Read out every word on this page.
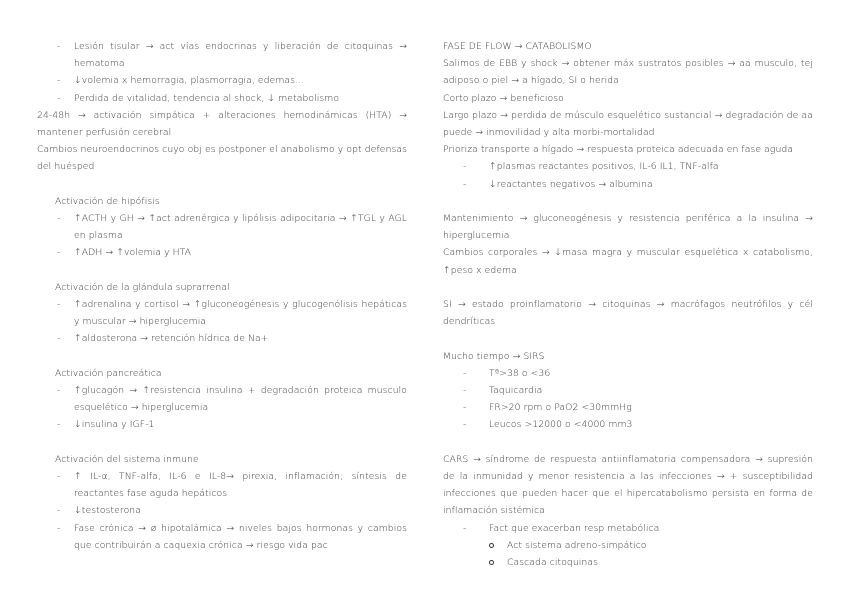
- Lesión tisular → act vías endocrinas y liberación de citoquinas → hematoma
- ↓volemia x hemorragia, plasmorragia, edemas…
- Perdida de vitalidad, tendencia al shock, ↓ metabolismo
24-48h → activación simpática + alteraciones hemodinámicas (HTA) → mantener perfusión cerebral
Cambios neuroendocrinos cuyo obj es postponer el anabolismo y opt defensas del huésped
Activación de hipófisis
- ↑ACTH y GH → ↑act adrenérgica y lipólisis adipocitaria → ↑TGL y AGL en plasma
- ↑ADH → ↑volemia y HTA
Activación de la glándula suprarrenal
- ↑adrenalina y cortisol → ↑gluconeogénesis y glucogenólisis hepáticas y muscular → hiperglucemia
- ↑aldosterona → retención hídrica de Na+
Activación pancreática
- ↑glucagón → ↑resistencia insulina + degradación proteica musculo esquelético → hiperglucemia
- ↓insulina y IGF-1
Activación del sistema inmune
- ↑ IL-α, TNF-alfa, IL-6 e IL-8→ pirexia, inflamación; síntesis de reactantes fase aguda hepáticos
- ↓testosterona
- Fase crónica → ø hipotalámica → niveles bajos hormonas y cambios que contribuirán a caquexia crónica → riesgo vida pac
FASE DE FLOW → CATABOLISMO
Salimos de EBB y shock → obtener máx sustratos posibles → aa musculo, tej adiposo o piel → a hígado, SI o herida
Corto plazo → beneficioso
Largo plazo → perdida de músculo esquelético sustancial → degradación de aa puede → inmovilidad y alta morbi-mortalidad
Prioriza transporte a hígado → respuesta proteica adecuada en fase aguda
- ↑plasmas reactantes positivos, IL-6 IL1, TNF-alfa
- ↓reactantes negativos → albumina
Mantenimiento → gluconeogénesis y resistencia periférica a la insulina → hiperglucemia
Cambios corporales → ↓masa magra y muscular esquelética x catabolismo, ↑peso x edema
SI → estado proinflamatorio → citoquinas → macrófagos neutrófilos y cél dendríticas
Mucho tiempo → SIRS
- Tª>38 o <36
- Taquicardia
- FR>20 rpm o PaO2 <30mmHg
- Leucos >12000 o <4000 mm3
CARS → síndrome de respuesta antiinflamatoria compensadora → supresión de la inmunidad y menor resistencia a las infecciones → + susceptibilidad infecciones que pueden hacer que el hipercatabolismo persista en forma de inflamación sistémica
- Fact que exacerban resp metabólica
Act sistema adreno-simpático
Cascada citoquinas
